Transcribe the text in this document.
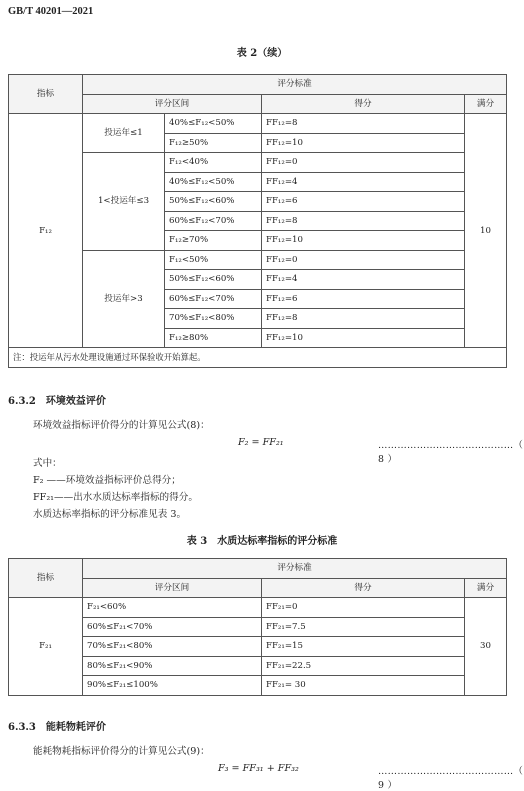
GB/T 40201—2021
表 2（续）
指标	评分标准			
	评分区间		得分	满分
F₁₂	投运年≤1	40%≤F₁₂<50%	FF₁₂=8	10
		F₁₂≥50%	FF₁₂=10	
	1<投运年≤3	F₁₂<40%	FF₁₂=0	
		40%≤F₁₂<50%	FF₁₂=4	
		50%≤F₁₂<60%	FF₁₂=6	
		60%≤F₁₂<70%	FF₁₂=8	
		F₁₂≥70%	FF₁₂=10	
	投运年>3	F₁₂<50%	FF₁₂=0	
		50%≤F₁₂<60%	FF₁₂=4	
		60%≤F₁₂<70%	FF₁₂=6	
		70%≤F₁₂<80%	FF₁₂=8	
		F₁₂≥80%	FF₁₂=10	
注：投运年从污水处理设施通过环保验收开始算起。				
6.3.2　环境效益评价
环境效益指标评价得分的计算见公式(8)：
F₂ = FF₂₁	……………………………………（ 8 ）
式中：
F₂ ——环境效益指标评价总得分；
FF₂₁——出水水质达标率指标的得分。
水质达标率指标的评分标准见表 3。
表 3　水质达标率指标的评分标准
指标	评分标准		
	评分区间	得分	满分
F₂₁	F₂₁<60%	FF₂₁=0	30
	60%≤F₂₁<70%	FF₂₁=7.5	
	70%≤F₂₁<80%	FF₂₁=15	
	80%≤F₂₁<90%	FF₂₁=22.5	
	90%≤F₂₁≤100%	FF₂₁= 30	
6.3.3　能耗物耗评价
能耗物耗指标评价得分的计算见公式(9)：
F₃ = FF₃₁ + FF₃₂	……………………………………（ 9 ）
